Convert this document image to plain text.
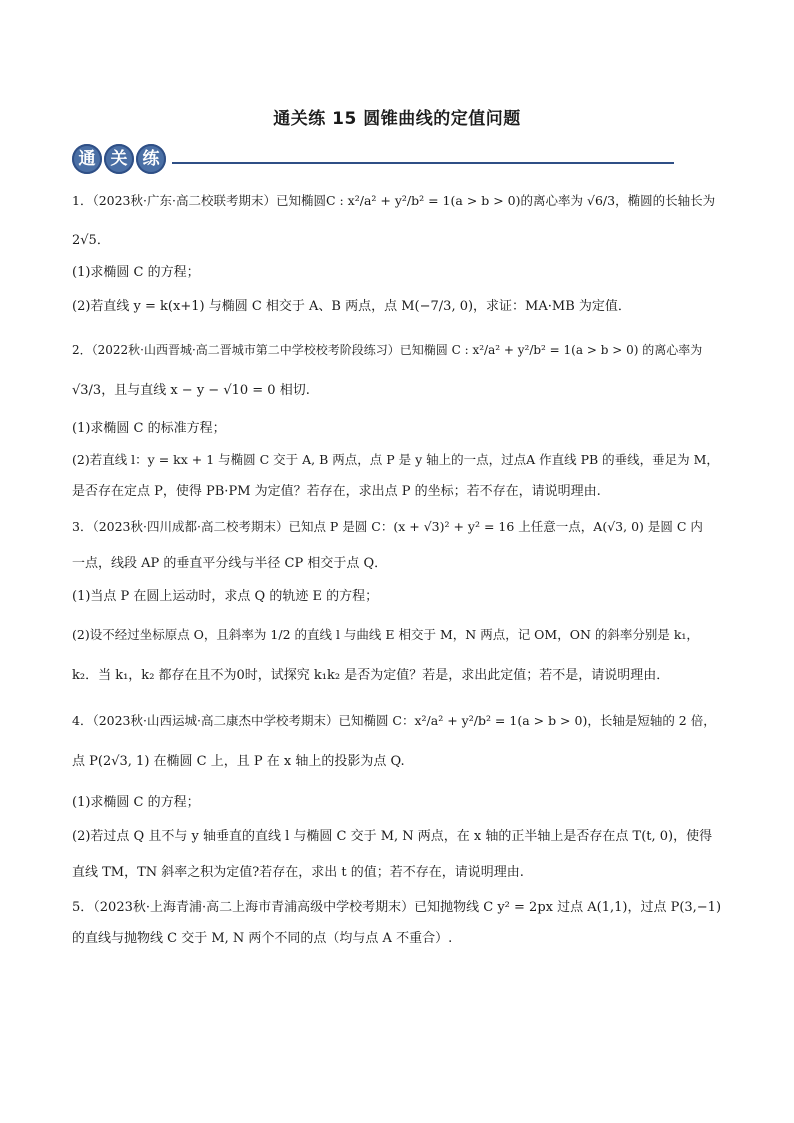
通关练 15 圆锥曲线的定值问题
通 关 练
1．（2023秋·广东·高二校联考期末）已知椭圆C : x²/a² + y²/b² = 1(a > b > 0)的离心率为 √6/3，椭圆的长轴长为
2√5．
(1)求椭圆 C 的方程；
(2)若直线 y = k(x+1) 与椭圆 C 相交于 A、B 两点，点 M(−7/3, 0)，求证：MA·MB 为定值．
2．（2022秋·山西晋城·高二晋城市第二中学校校考阶段练习）已知椭圆 C : x²/a² + y²/b² = 1(a > b > 0) 的离心率为
√3/3，且与直线 x − y − √10 = 0 相切.
(1)求椭圆 C 的标准方程；
(2)若直线 l：y = kx + 1 与椭圆 C 交于 A, B 两点，点 P 是 y 轴上的一点，过点A 作直线 PB 的垂线，垂足为 M，
是否存在定点 P，使得 PB·PM 为定值？若存在，求出点 P 的坐标；若不存在，请说明理由.
3．（2023秋·四川成都·高二校考期末）已知点 P 是圆 C：(x + √3)² + y² = 16 上任意一点，A(√3, 0) 是圆 C 内
一点，线段 AP 的垂直平分线与半径 CP 相交于点 Q．
(1)当点 P 在圆上运动时，求点 Q 的轨迹 E 的方程；
(2)设不经过坐标原点 O，且斜率为 1/2 的直线 l 与曲线 E 相交于 M，N 两点，记 OM，ON 的斜率分别是 k₁，
k₂．当 k₁，k₂ 都存在且不为0时，试探究 k₁k₂ 是否为定值？若是，求出此定值；若不是，请说明理由．
4．（2023秋·山西运城·高二康杰中学校考期末）已知椭圆 C：x²/a² + y²/b² = 1(a > b > 0)，长轴是短轴的 2 倍，
点 P(2√3, 1) 在椭圆 C 上，且 P 在 x 轴上的投影为点 Q.
(1)求椭圆 C 的方程；
(2)若过点 Q 且不与 y 轴垂直的直线 l 与椭圆 C 交于 M, N 两点，在 x 轴的正半轴上是否存在点 T(t, 0)，使得
直线 TM，TN 斜率之积为定值?若存在，求出 t 的值；若不存在，请说明理由.
5．（2023秋·上海青浦·高二上海市青浦高级中学校考期末）已知抛物线 C y² = 2px 过点 A(1,1)，过点 P(3,−1)
的直线与抛物线 C 交于 M, N 两个不同的点（均与点 A 不重合）.
